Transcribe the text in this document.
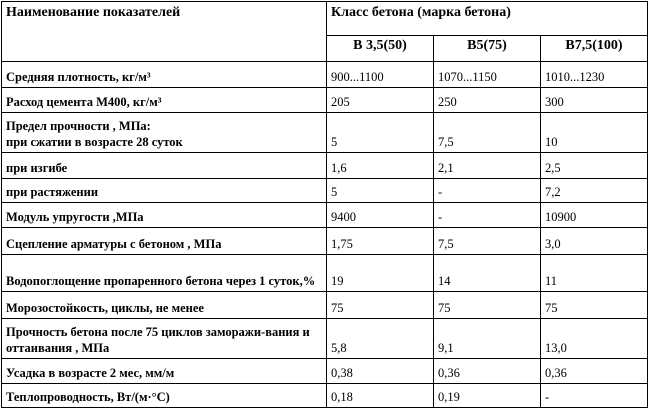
Наименование показателей	Класс бетона (марка бетона)		
	В 3,5(50)	В5(75)	В7,5(100)
Средняя плотность, кг/м³	900...1100	1070...1150	1010...1230
Расход цемента М400, кг/м³	205	250	300
Предел прочности , МПа:
при сжатии в возрасте 28 суток	5	7,5	10
при изгибе	1,6	2,1	2,5
при растяжении	5	-	7,2
Модуль упругости ,МПа	9400	-	10900
Сцепление арматуры с бетоном , МПа	1,75	7,5	3,0
Водопоглощение пропаренного бетона через 1 суток,%	19	14	11
Морозостойкость, циклы, не менее	75	75	75
Прочность бетона после 75 циклов заморажи-вания и оттаивания , МПа	5,8	9,1	13,0
Усадка в возрасте 2 мес, мм/м	0,38	0,36	0,36
Теплопроводность, Вт/(м·°С)	0,18	0,19	-
